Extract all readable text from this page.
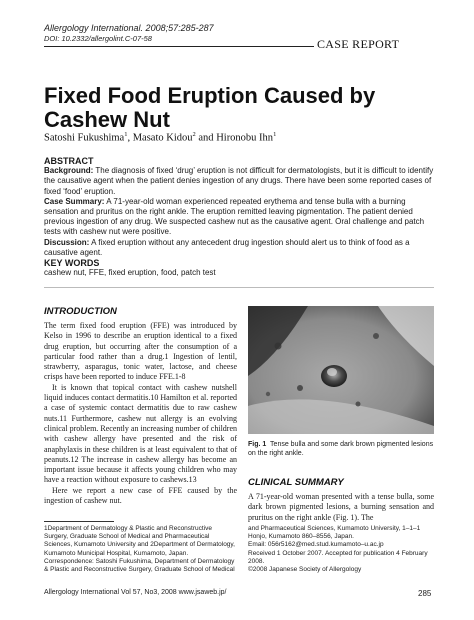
Allergology International. 2008;57:285-287
DOI: 10.2332/allergolint.C-07-58	CASE REPORT
Fixed Food Eruption Caused by Cashew Nut
Satoshi Fukushima$^1$, Masato Kidou$^2$ and Hironobu Ihn$^1$
ABSTRACT

Background: The diagnosis of fixed ‘drug’ eruption is not difficult for dermatologists, but it is difficult to identify the causative agent when the patient denies ingestion of any drugs. There have been some reported cases of fixed ‘food’ eruption.

Case Summary: A 71-year-old woman experienced repeated erythema and tense bulla with a burning sensation and pruritus on the right ankle. The eruption remitted leaving pigmentation. The patient denied previous ingestion of any drug. We suspected cashew nut as the causative agent. Oral challenge and patch tests with cashew nut were positive.

Discussion: A fixed eruption without any antecedent drug ingestion should alert us to think of food as a causative agent.

KEY WORDS
cashew nut, FFE, fixed eruption, food, patch test
INTRODUCTION

The term fixed food eruption (FFE) was introduced by Kelso in 1996 to describe an eruption identical to a fixed drug eruption, but occurring after the consumption of a particular food rather than a drug.1 Ingestion of lentil, strawberry, asparagus, tonic water, lactose, and cheese crisps have been reported to induce FFE.1-8

It is known that topical contact with cashew nutshell liquid induces contact dermatitis.10 Hamilton et al. reported a case of systemic contact dermatitis due to raw cashew nuts.11 Furthermore, cashew nut allergy is an evolving clinical problem. Recently an increasing number of children with cashew allergy have presented and the risk of anaphylaxis in these children is at least equivalent to that of peanuts.12 The increase in cashew allergy has become an important issue because it affects young children who may have a reaction without exposure to cashews.13

Here we report a new case of FFE caused by the ingestion of cashew nut.

Fig. 1 Tense bulla and some dark brown pigmented lesions on the right ankle.
CLINICAL SUMMARY

A 71-year-old woman presented with a tense bulla, some dark brown pigmented lesions, a burning sensation and pruritus on the right ankle (Fig. 1). The

1Department of Dermatology & Plastic and Reconstructive Surgery, Graduate School of Medical and Pharmaceutical Sciences, Kumamoto University and 2Department of Dermatology, Kumamoto Municipal Hospital, Kumamoto, Japan.

Correspondence: Satoshi Fukushima, Department of Dermatology & Plastic and Reconstructive Surgery, Graduate School of Medical

and Pharmaceutical Sciences, Kumamoto University, 1–1–1 Honjo, Kumamoto 860–8556, Japan.

Email: 056r5162@med.stud.kumamoto–u.ac.jp

Received 1 October 2007. Accepted for publication 4 February 2008.

©2008 Japanese Society of Allergology

Allergology International Vol 57, No3, 2008 www.jsaweb.jp/	285
